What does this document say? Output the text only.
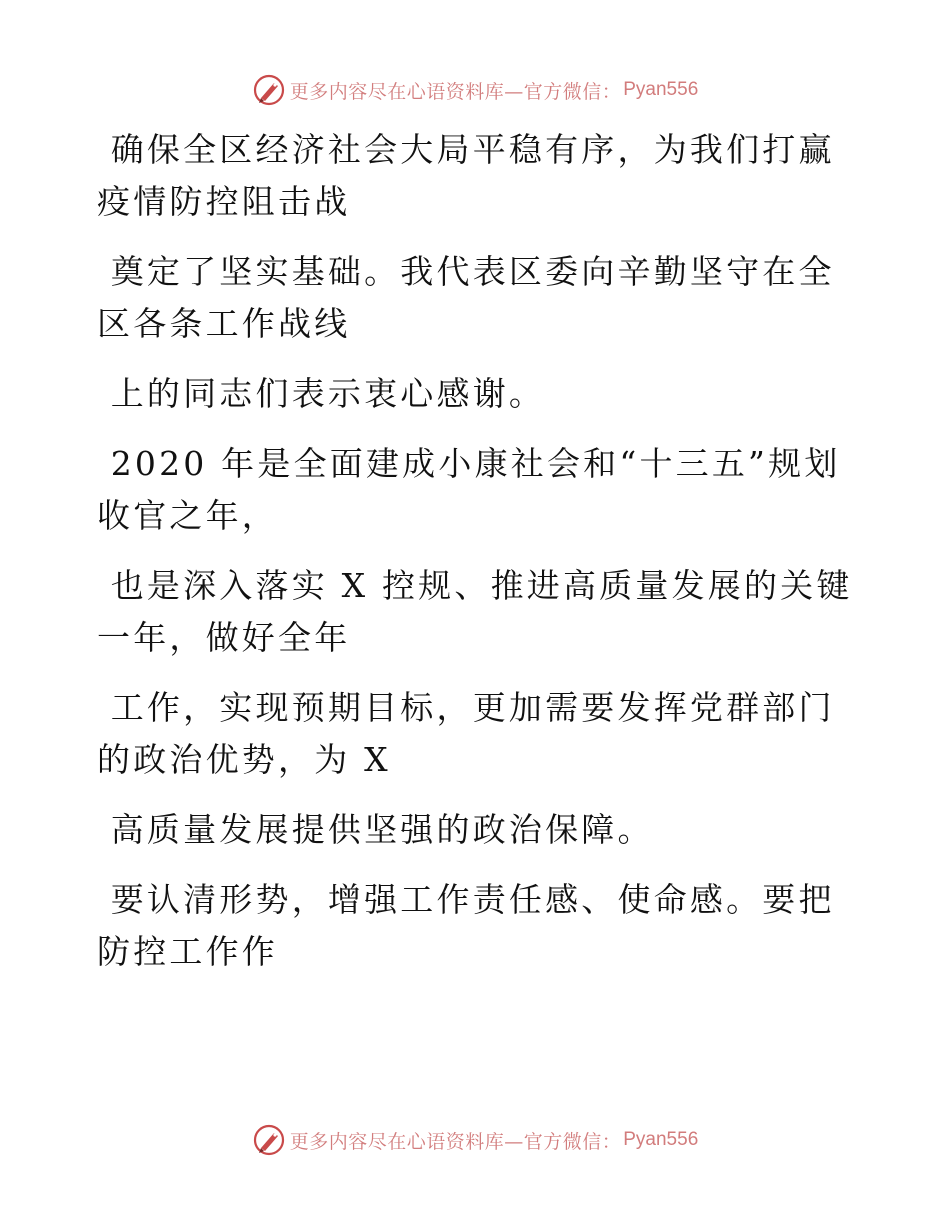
更多内容尽在心语资料库—官方微信： Pyan556

确保全区经济社会大局平稳有序，为我们打赢疫情防控阻击战

奠定了坚实基础。我代表区委向辛勤坚守在全区各条工作战线

上的同志们表示衷心感谢。

2020 年是全面建成小康社会和“十三五”规划收官之年，

也是深入落实 X 控规、推进高质量发展的关键一年，做好全年

工作，实现预期目标，更加需要发挥党群部门的政治优势，为 X

高质量发展提供坚强的政治保障。

要认清形势，增强工作责任感、使命感。要把防控工作作

更多内容尽在心语资料库—官方微信： Pyan556
